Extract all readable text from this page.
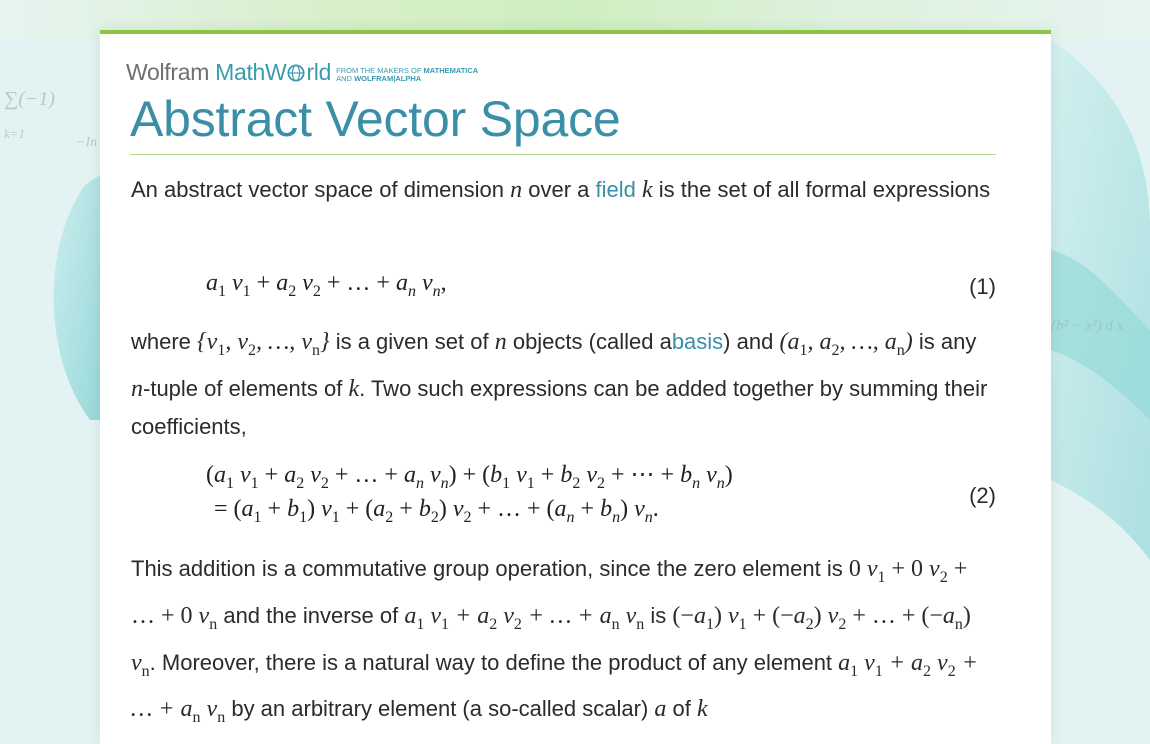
∑(−1)
k=1
−In
(b² − x²) d x
Wolfram MathW rld FROM THE MAKERS OF MATHEMATICA
AND WOLFRAM|ALPHA
Abstract Vector Space
An abstract vector space of dimension n over a field k is the set of all formal expressions
$a_1$ $v_1 + a_2$ $v_2$ + … + $a_n$ $v_n$,	(1)
where {$v_1$, $v_2$, …, $v_n$} is a given set of n objects (called abasis) and ($a_1$, $a_2$, …, $a_n$) is any n-tuple of elements of k. Two such expressions can be added together by summing their coefficients,
($a_1$ $v_1 + a_2$ $v_2$ + … + $a_n$ $v_n) + (b_1$ $v_1 + b_2$ $v_2$ + ⋯ + $b_n$ $v_n$)
= $(a_1 + b_1) v_1 + (a_2 + b_2) v_2$ + … + $(a_n + b_n)$ $v_n$.
(2)
This addition is a commutative group operation, since the zero element is 0 $v_1 + 0$ $v_2$ + … + 0 $v_n$ and the inverse of $a_1$ $v_1 + a_2$ $v_2$ + … + $a_n$ $v_n$ is $(-a_1) v_1 + (-a_2) v_2$ + … + $(-a_n)$ $v_n$. Moreover, there is a natural way to define the product of any element $a_1$ $v_1 + a_2$ $v_2$ + … + $a_n$ $v_n$ by an arbitrary element (a so-called scalar) a of k
